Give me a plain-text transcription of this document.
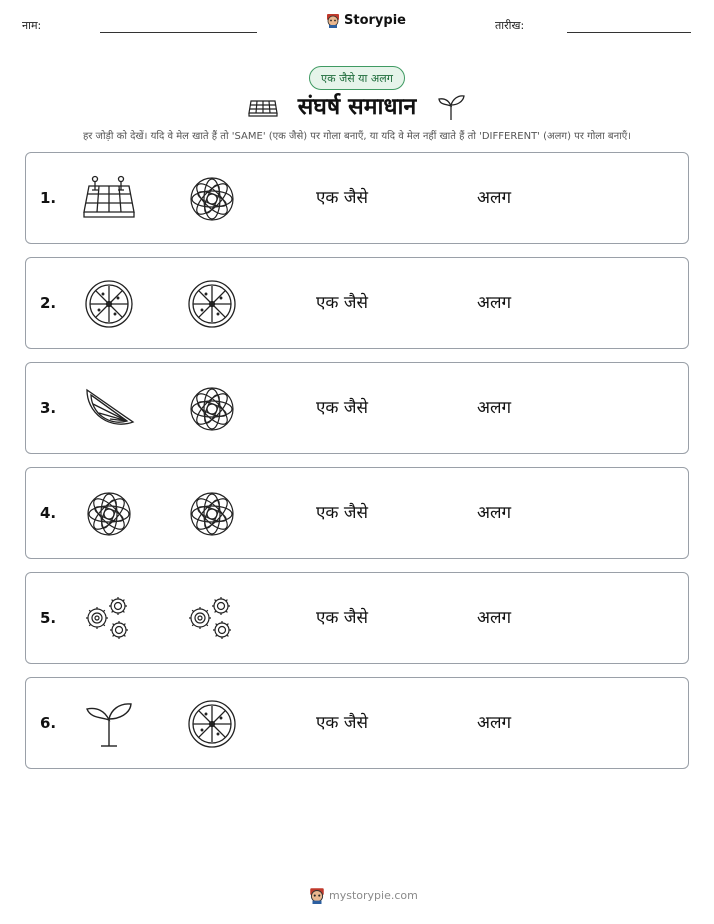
नाम:	Storypie	तारीख:
एक जैसे या अलग
संघर्ष समाधान
हर जोड़ी को देखें। यदि वे मेल खाते हैं तो 'SAME' (एक जैसे) पर गोला बनाएँ, या यदि वे मेल नहीं खाते हैं तो 'DIFFERENT' (अलग) पर गोला बनाएँ।
1.	एक जैसे	अलग
2.	एक जैसे	अलग
3.	एक जैसे	अलग
4.	एक जैसे	अलग
5.	एक जैसे	अलग
6.	एक जैसे	अलग
mystorypie.com
